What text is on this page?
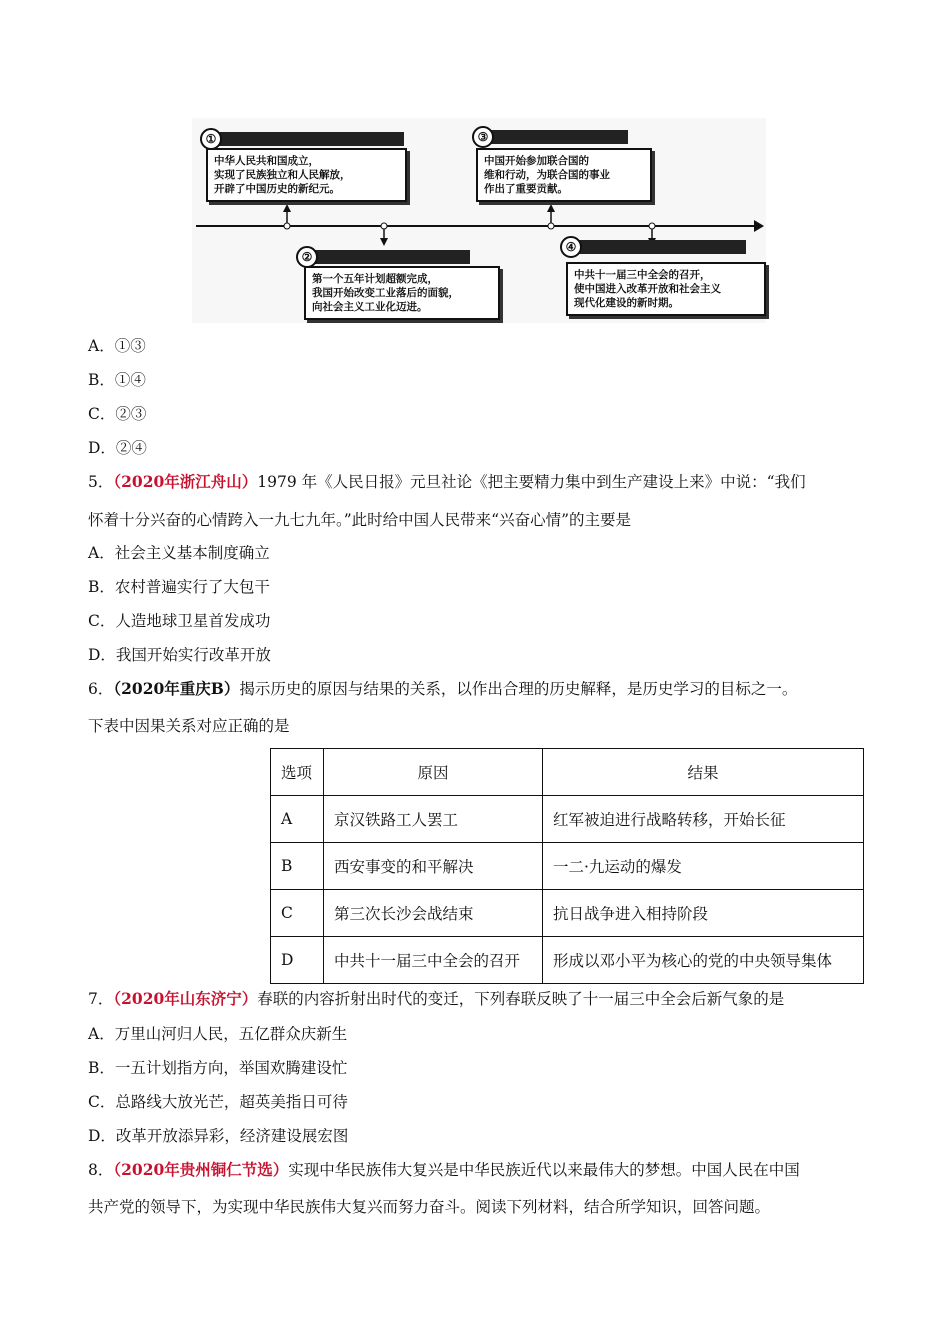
①
中华人民共和国成立，
实现了民族独立和人民解放，
开辟了中国历史的新纪元。
②
第一个五年计划超额完成，
我国开始改变工业落后的面貌，
向社会主义工业化迈进。
③
中国开始参加联合国的
维和行动，为联合国的事业
作出了重要贡献。
④
中共十一届三中全会的召开，
使中国进入改革开放和社会主义
现代化建设的新时期。
A．①③
B．①④
C．②③
D．②④
5．（2020年浙江舟山）1979 年《人民日报》元旦社论《把主要精力集中到生产建设上来》中说：“我们
怀着十分兴奋的心情跨入一九七九年。”此时给中国人民带来“兴奋心情”的主要是
A．社会主义基本制度确立
B．农村普遍实行了大包干
C．人造地球卫星首发成功
D．我国开始实行改革开放
6．（2020年重庆B）揭示历史的原因与结果的关系，以作出合理的历史解释，是历史学习的目标之一。
下表中因果关系对应正确的是
选项	原因	结果
A	京汉铁路工人罢工	红军被迫进行战略转移，开始长征
B	西安事变的和平解决	一二·九运动的爆发
C	第三次长沙会战结束	抗日战争进入相持阶段
D	中共十一届三中全会的召开	形成以邓小平为核心的党的中央领导集体
7．（2020年山东济宁）春联的内容折射出时代的变迁，下列春联反映了十一届三中全会后新气象的是
A．万里山河归人民，五亿群众庆新生
B．一五计划指方向，举国欢腾建设忙
C．总路线大放光芒，超英美指日可待
D．改革开放添异彩，经济建设展宏图
8．（2020年贵州铜仁节选）实现中华民族伟大复兴是中华民族近代以来最伟大的梦想。中国人民在中国
共产党的领导下，为实现中华民族伟大复兴而努力奋斗。阅读下列材料，结合所学知识，回答问题。
